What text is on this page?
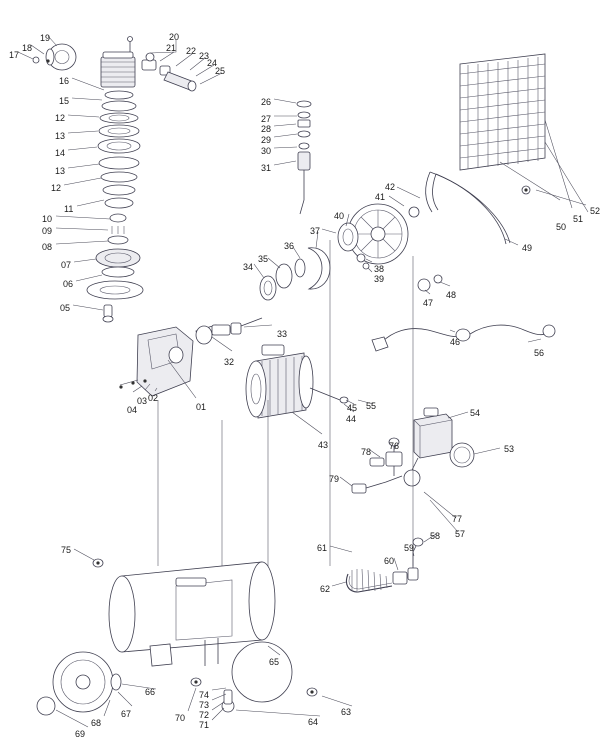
17
18
19
16
15
12
13
14
13
12
11
10
09
08
07
06
05
20
21 22 23
24
25
26
27
28
29
30
31
34
35
36
37
40
41
42
38
39
47
48
49
50
51
52
46
56
33
32
01
02
03
04
43
44
45 55
54
53
76
78
79
77
57
58
59
60
61
62
75
65
66
67
68
69
70
71
72
73
74
63
64
